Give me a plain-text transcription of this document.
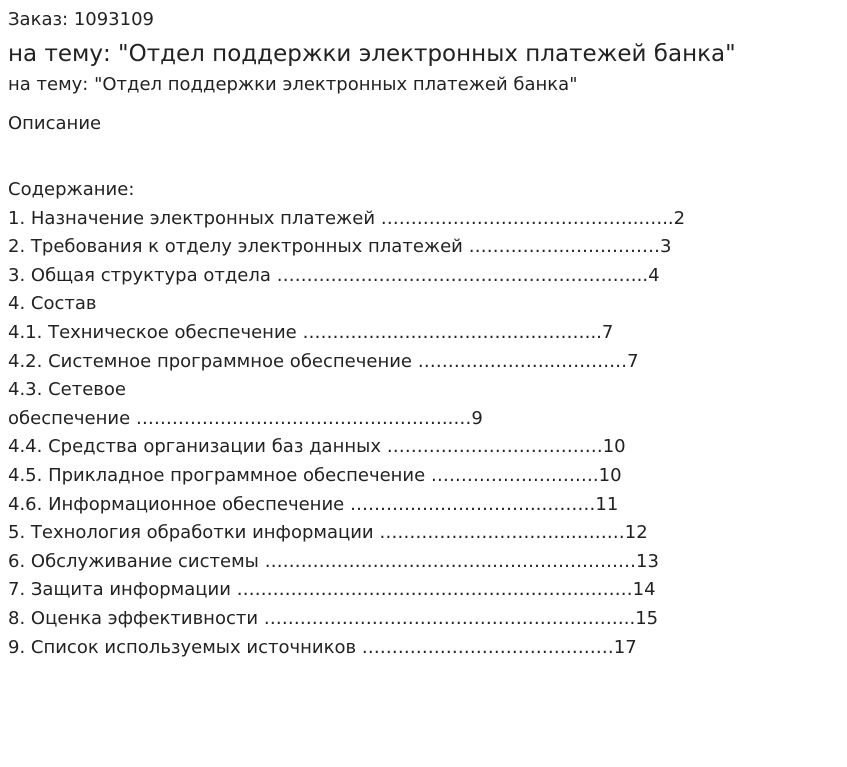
Заказ: 1093109
на тему: "Отдел поддержки электронных платежей банка"
на тему: "Отдел поддержки электронных платежей банка"
Описание
Содержание:
1. Назначение электронных платежей ……………………………………..…..2
2. Требования к отделу электронных платежей ……………..……………3
3. Общая структура отдела ……………………………………………………..4
4. Состав
4.1. Техническое обеспечение …………………………………………..7
4.2. Системное программное обеспечение …………………..…………7
4.3. Сетевое
обеспечение ……………………………………………..…9
4.4. Средства организации баз данных ………………………………10
4.5. Прикладное программное обеспечение ……………………….10
4.6. Информационное обеспечение …………………………..………11
5. Технология обработки информации …………………………..………12
6. Обслуживание системы ………………………………..……………………13
7. Защита информации …………………………………………………………14
8. Оценка эффективности ……………………………………………………..15
9. Список используемых источников ……………………………………17
